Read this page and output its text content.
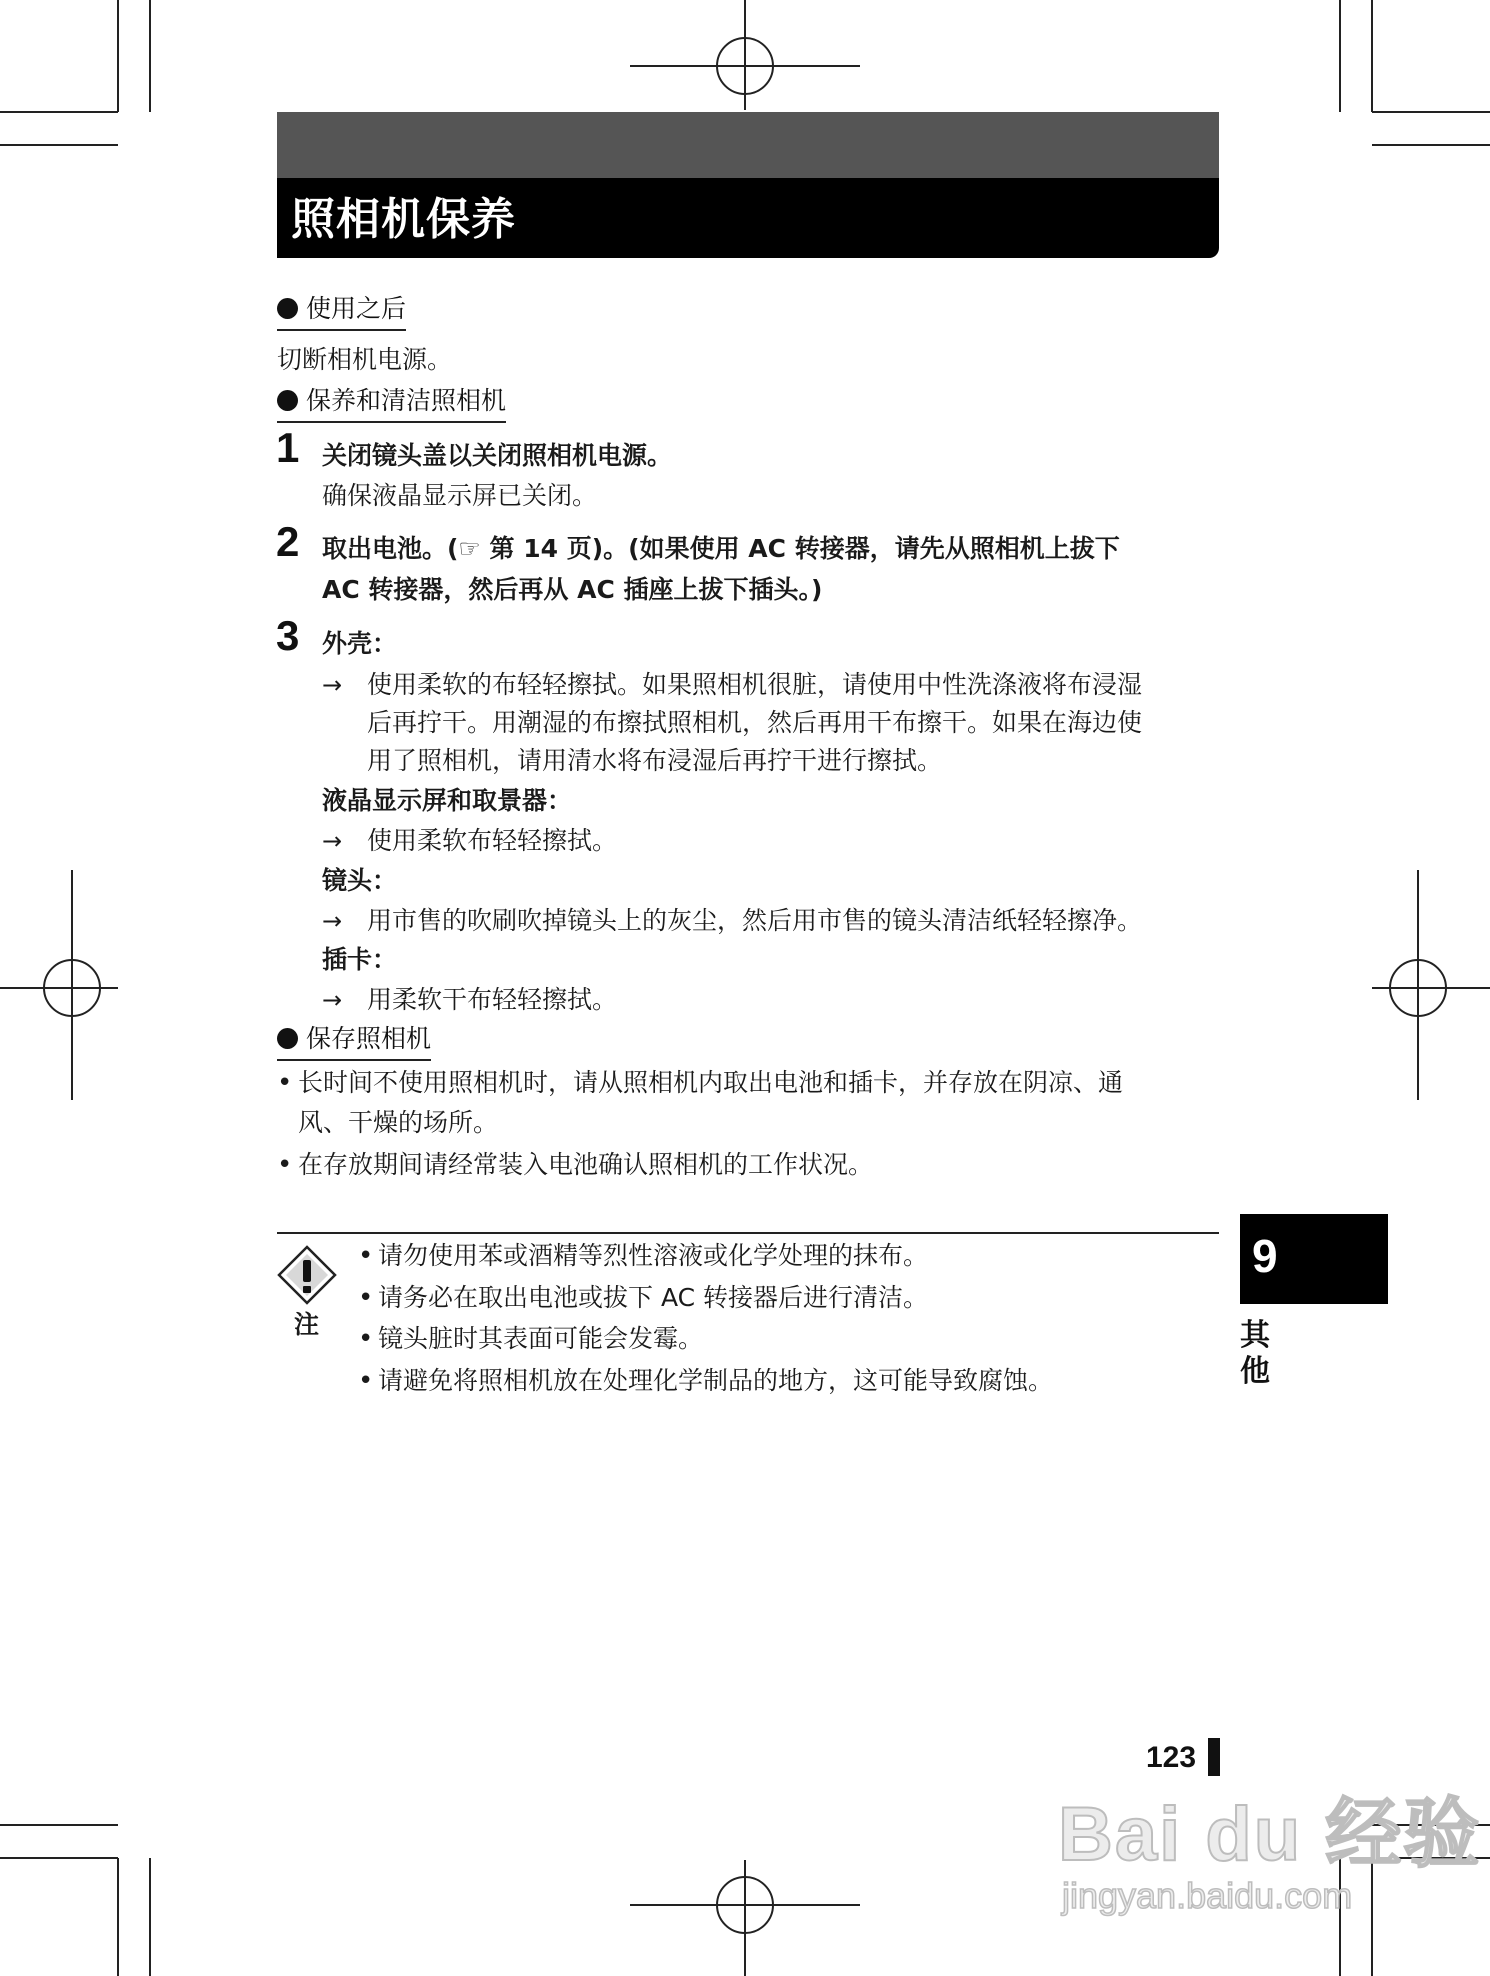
照相机保养
使用之后
切断相机电源。
保养和清洁照相机
1 关闭镜头盖以关闭照相机电源。
确保液晶显示屏已关闭。
2 取出电池。(☞ 第 14 页)。(如果使用 AC 转接器，请先从照相机上拔下
AC 转接器，然后再从 AC 插座上拔下插头。)
3 外壳：
→ 使用柔软的布轻轻擦拭。如果照相机很脏，请使用中性洗涤液将布浸湿
后再拧干。用潮湿的布擦拭照相机，然后再用干布擦干。如果在海边使
用了照相机，请用清水将布浸湿后再拧干进行擦拭。
液晶显示屏和取景器：
→ 使用柔软布轻轻擦拭。
镜头：
→ 用市售的吹刷吹掉镜头上的灰尘，然后用市售的镜头清洁纸轻轻擦净。
插卡：
→ 用柔软干布轻轻擦拭。
保存照相机
• 长时间不使用照相机时，请从照相机内取出电池和插卡，并存放在阴凉、通
风、干燥的场所。
• 在存放期间请经常装入电池确认照相机的工作状况。
注
• 请勿使用苯或酒精等烈性溶液或化学处理的抹布。
• 请务必在取出电池或拔下 AC 转接器后进行清洁。
• 镜头脏时其表面可能会发霉。
• 请避免将照相机放在处理化学制品的地方，这可能导致腐蚀。
9
其他
123
Bai du 经验
jingyan.baidu.com
